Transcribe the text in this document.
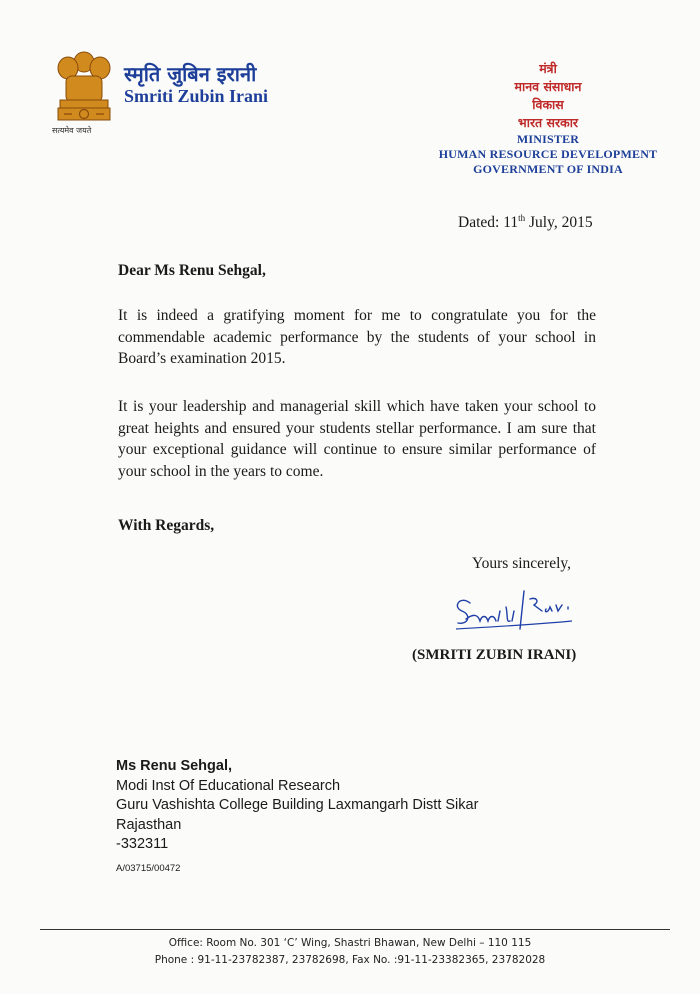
सत्यमेव जयते
स्मृति जुबिन इरानी
Smriti Zubin Irani
मंत्री
मानव संसाधान
विकास
भारत सरकार
MINISTER
HUMAN RESOURCE DEVELOPMENT
GOVERNMENT OF INDIA
Dated: 11th July, 2015
Dear Ms Renu Sehgal,
It is indeed a gratifying moment for me to congratulate you for the commendable academic performance by the students of your school in Board’s examination 2015.
It is your leadership and managerial skill which have taken your school to great heights and ensured your students stellar performance. I am sure that your exceptional guidance will continue to ensure similar performance of your school in the years to come.
With Regards,
Yours sincerely,
(SMRITI ZUBIN IRANI)
Ms Renu Sehgal,
Modi Inst Of Educational Research
Guru Vashishta College Building Laxmangarh Distt Sikar
Rajasthan
-332311
A/03715/00472
Office: Room No. 301 ‘C’ Wing, Shastri Bhawan, New Delhi – 110 115
Phone : 91-11-23782387, 23782698, Fax No. :91-11-23382365, 23782028
